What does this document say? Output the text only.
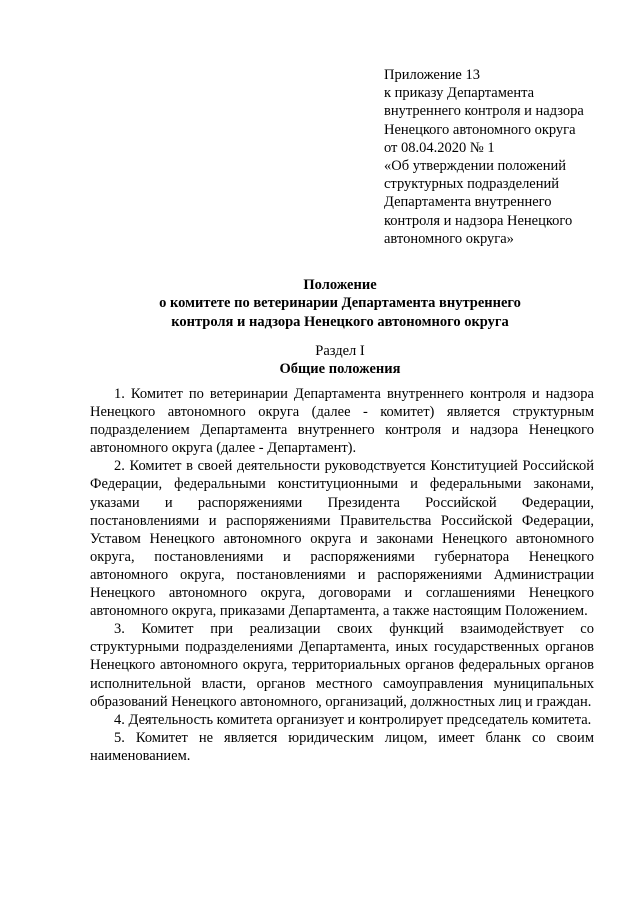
Приложение 13
к приказу Департамента
внутреннего контроля и надзора
Ненецкого автономного округа
от 08.04.2020 № 1
«Об утверждении положений
структурных подразделений
Департамента внутреннего
контроля и надзора Ненецкого
автономного округа»
Положение
о комитете по ветеринарии Департамента внутреннего
контроля и надзора Ненецкого автономного округа
Раздел I
Общие положения

1. Комитет по ветеринарии Департамента внутреннего контроля и надзора Ненецкого автономного округа (далее - комитет) является структурным подразделением Департамента внутреннего контроля и надзора Ненецкого автономного округа (далее - Департамент).

2. Комитет в своей деятельности руководствуется Конституцией Российской Федерации, федеральными конституционными и федеральными законами, указами и распоряжениями Президента Российской Федерации, постановлениями и распоряжениями Правительства Российской Федерации, Уставом Ненецкого автономного округа и законами Ненецкого автономного округа, постановлениями и распоряжениями губернатора Ненецкого автономного округа, постановлениями и распоряжениями Администрации Ненецкого автономного округа, договорами и соглашениями Ненецкого автономного округа, приказами Департамента, а также настоящим Положением.

3. Комитет при реализации своих функций взаимодействует со структурными подразделениями Департамента, иных государственных органов Ненецкого автономного округа, территориальных органов федеральных органов исполнительной власти, органов местного самоуправления муниципальных образований Ненецкого автономного, организаций, должностных лиц и граждан.

4. Деятельность комитета организует и контролирует председатель комитета.

5. Комитет не является юридическим лицом, имеет бланк со своим наименованием.
